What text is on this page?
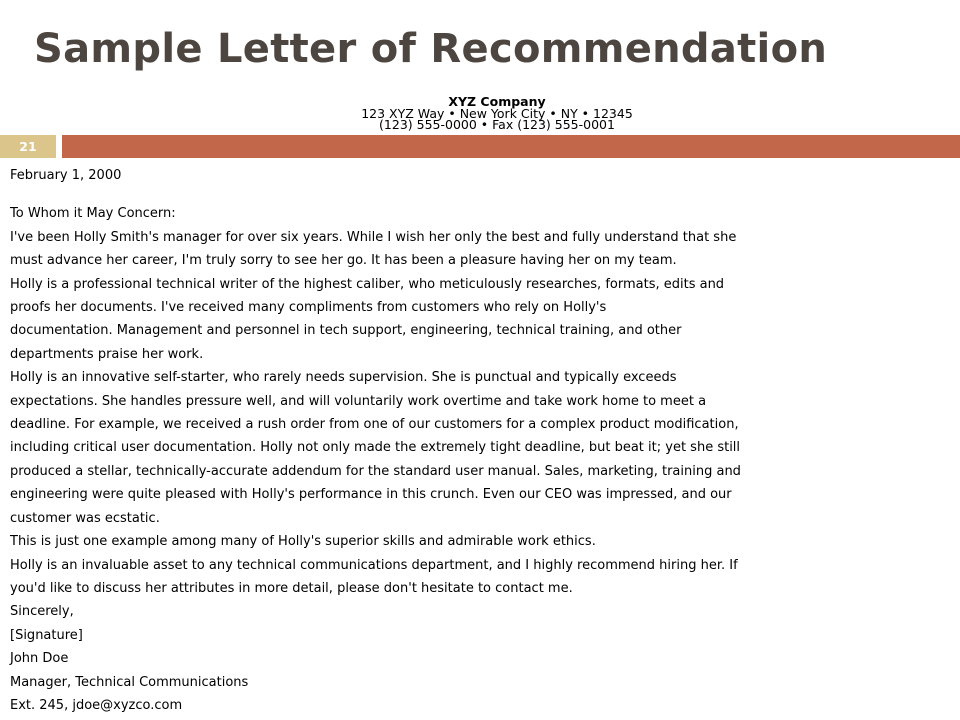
Sample Letter of Recommendation
XYZ Company
123 XYZ Way • New York City • NY • 12345
(123) 555-0000 • Fax (123) 555-0001
21

February 1, 2000

To Whom it May Concern:

I've been Holly Smith's manager for over six years. While I wish her only the best and fully understand that she

must advance her career, I'm truly sorry to see her go. It has been a pleasure having her on my team.

Holly is a professional technical writer of the highest caliber, who meticulously researches, formats, edits and

proofs her documents. I've received many compliments from customers who rely on Holly's

documentation. Management and personnel in tech support, engineering, technical training, and other

departments praise her work.

Holly is an innovative self-starter, who rarely needs supervision. She is punctual and typically exceeds

expectations. She handles pressure well, and will voluntarily work overtime and take work home to meet a

deadline. For example, we received a rush order from one of our customers for a complex product modification,

including critical user documentation. Holly not only made the extremely tight deadline, but beat it; yet she still

produced a stellar, technically-accurate addendum for the standard user manual. Sales, marketing, training and

engineering were quite pleased with Holly's performance in this crunch. Even our CEO was impressed, and our

customer was ecstatic.

This is just one example among many of Holly's superior skills and admirable work ethics.

Holly is an invaluable asset to any technical communications department, and I highly recommend hiring her. If

you'd like to discuss her attributes in more detail, please don't hesitate to contact me.

Sincerely,

[Signature]

John Doe

Manager, Technical Communications

Ext. 245, jdoe@xyzco.com
